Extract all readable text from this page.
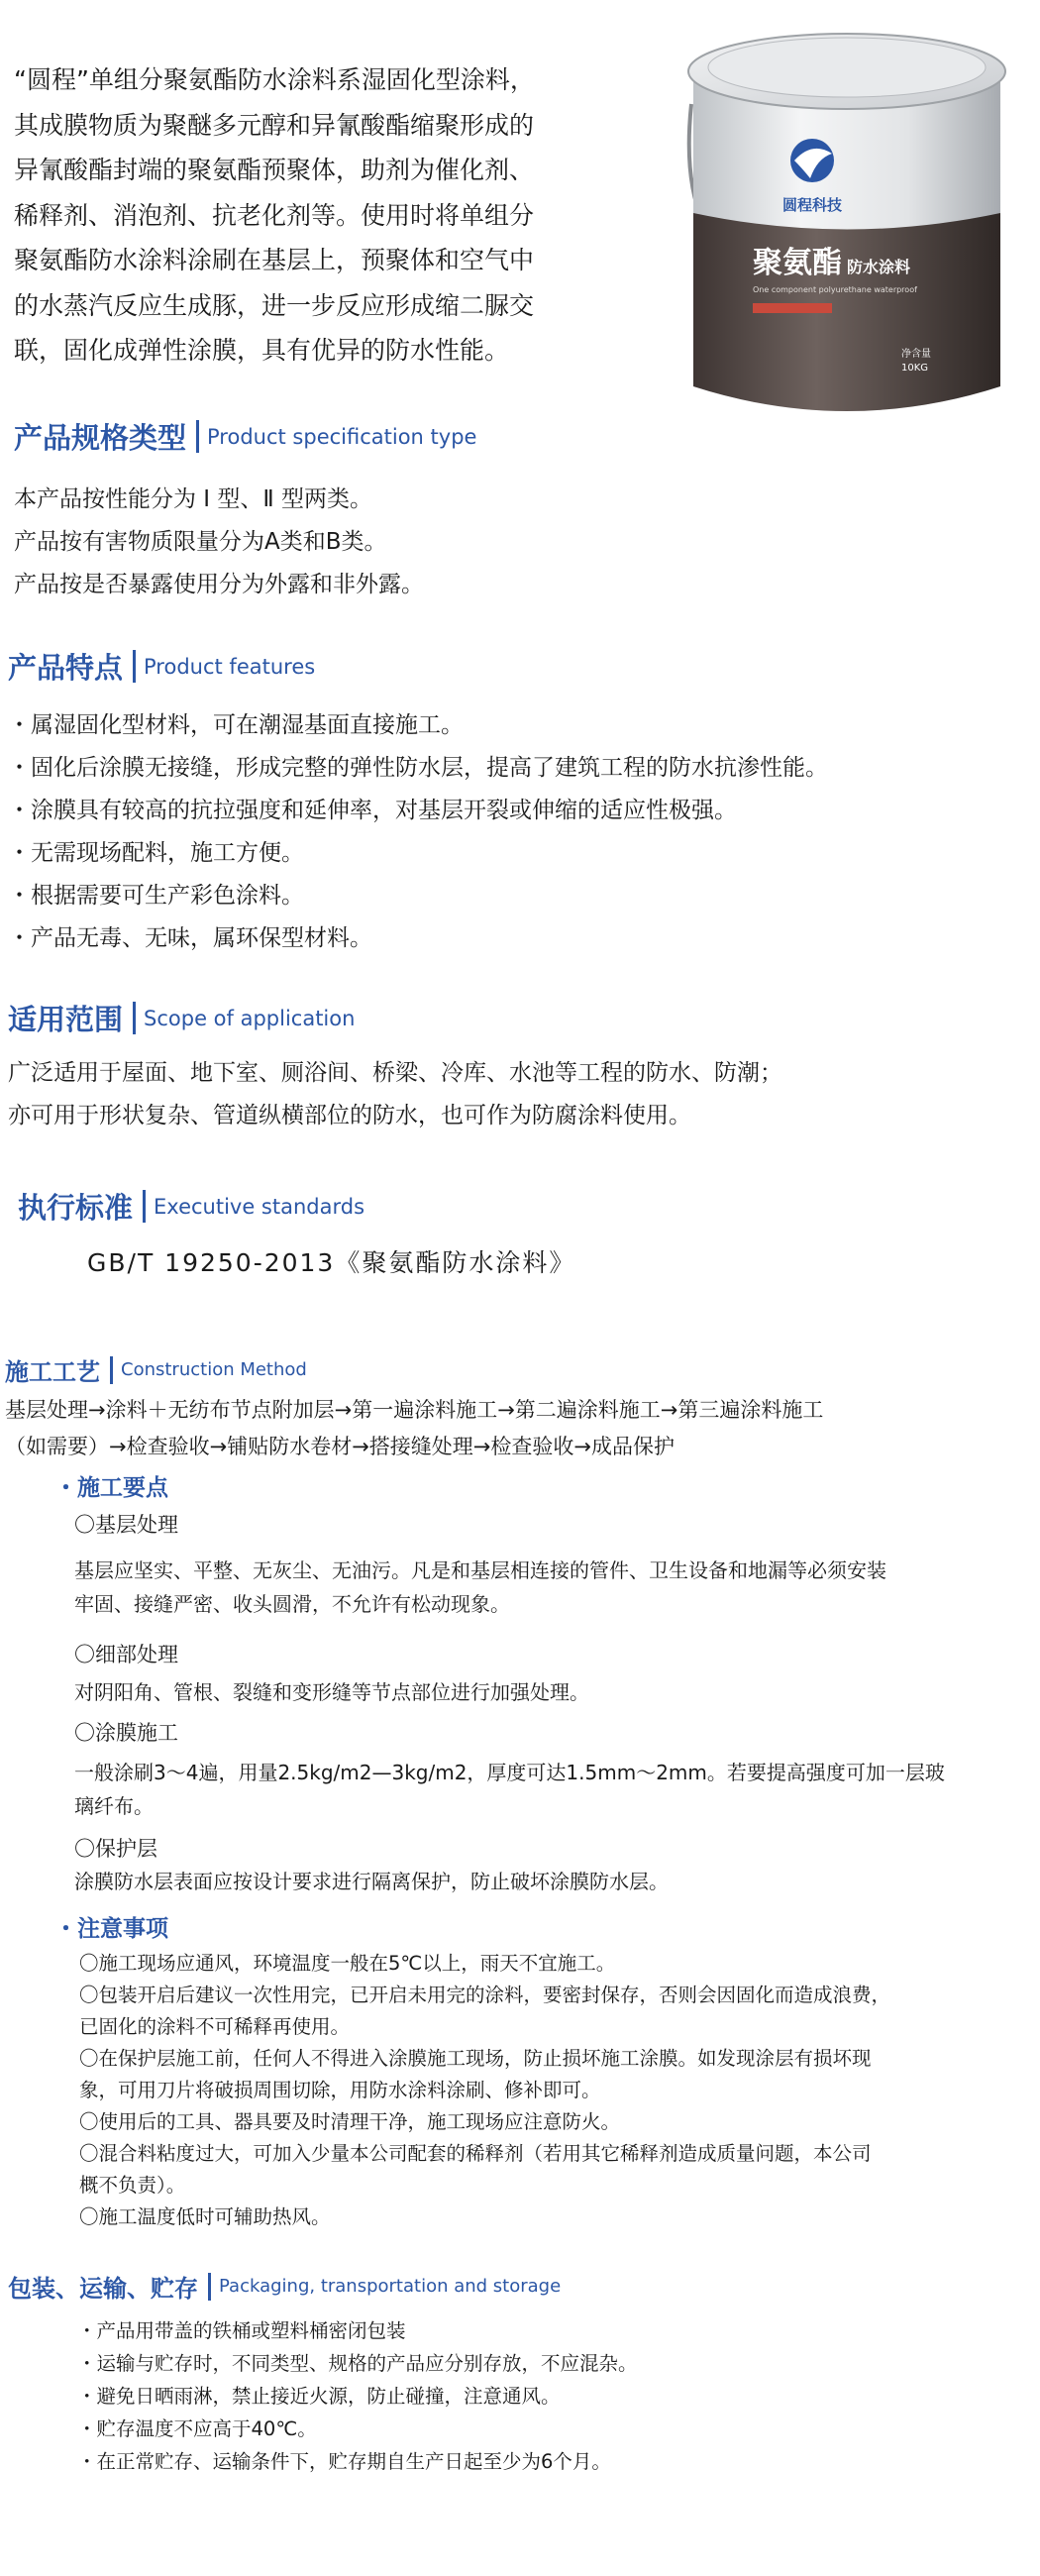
“圆程”单组分聚氨酯防水涂料系湿固化型涂料，

其成膜物质为聚醚多元醇和异氰酸酯缩聚形成的

异氰酸酯封端的聚氨酯预聚体，助剂为催化剂、

稀释剂、消泡剂、抗老化剂等。使用时将单组分

聚氨酯防水涂料涂刷在基层上，预聚体和空气中

的水蒸汽反应生成豚，进一步反应形成缩二脲交

联，固化成弹性涂膜，具有优异的防水性能。

圆程科技
聚氨酯 防水涂料
One component polyurethane waterproof
净含量
10KG
产品规格类型 Product specification type

本产品按性能分为 Ⅰ 型、Ⅱ 型两类。

产品按有害物质限量分为A类和B类。

产品按是否暴露使用分为外露和非外露。

产品特点 Product features

・属湿固化型材料，可在潮湿基面直接施工。

・固化后涂膜无接缝，形成完整的弹性防水层，提高了建筑工程的防水抗渗性能。

・涂膜具有较高的抗拉强度和延伸率，对基层开裂或伸缩的适应性极强。

・无需现场配料，施工方便。

・根据需要可生产彩色涂料。

・产品无毒、无味，属环保型材料。

适用范围 Scope of application

广泛适用于屋面、地下室、厕浴间、桥梁、冷库、水池等工程的防水、防潮；

亦可用于形状复杂、管道纵横部位的防水，也可作为防腐涂料使用。

执行标准 Executive standards
GB/T 19250-2013《聚氨酯防水涂料》
施工工艺 Construction Method

基层处理→涂料＋无纺布节点附加层→第一遍涂料施工→第二遍涂料施工→第三遍涂料施工

（如需要）→检查验收→铺贴防水卷材→搭接缝处理→检查验收→成品保护

・施工要点
〇基层处理

基层应坚实、平整、无灰尘、无油污。凡是和基层相连接的管件、卫生设备和地漏等必须安装

牢固、接缝严密、收头圆滑，不允许有松动现象。

〇细部处理

对阴阳角、管根、裂缝和变形缝等节点部位进行加强处理。

〇涂膜施工

一般涂刷3～4遍，用量2.5kg/m2—3kg/m2，厚度可达1.5mm～2mm。若要提高强度可加一层玻

璃纤布。

〇保护层

涂膜防水层表面应按设计要求进行隔离保护，防止破坏涂膜防水层。

・注意事项

〇施工现场应通风，环境温度一般在5℃以上，雨天不宜施工。

〇包装开启后建议一次性用完，已开启未用完的涂料，要密封保存，否则会因固化而造成浪费，

已固化的涂料不可稀释再使用。

〇在保护层施工前，任何人不得进入涂膜施工现场，防止损坏施工涂膜。如发现涂层有损坏现

象，可用刀片将破损周围切除，用防水涂料涂刷、修补即可。

〇使用后的工具、器具要及时清理干净，施工现场应注意防火。

〇混合料粘度过大，可加入少量本公司配套的稀释剂（若用其它稀释剂造成质量问题，本公司

概不负责）。

〇施工温度低时可辅助热风。

包装、运输、贮存 Packaging, transportation and storage

・产品用带盖的铁桶或塑料桶密闭包装

・运输与贮存时，不同类型、规格的产品应分别存放，不应混杂。

・避免日晒雨淋，禁止接近火源，防止碰撞，注意通风。

・贮存温度不应高于40℃。

・在正常贮存、运输条件下，贮存期自生产日起至少为6个月。
